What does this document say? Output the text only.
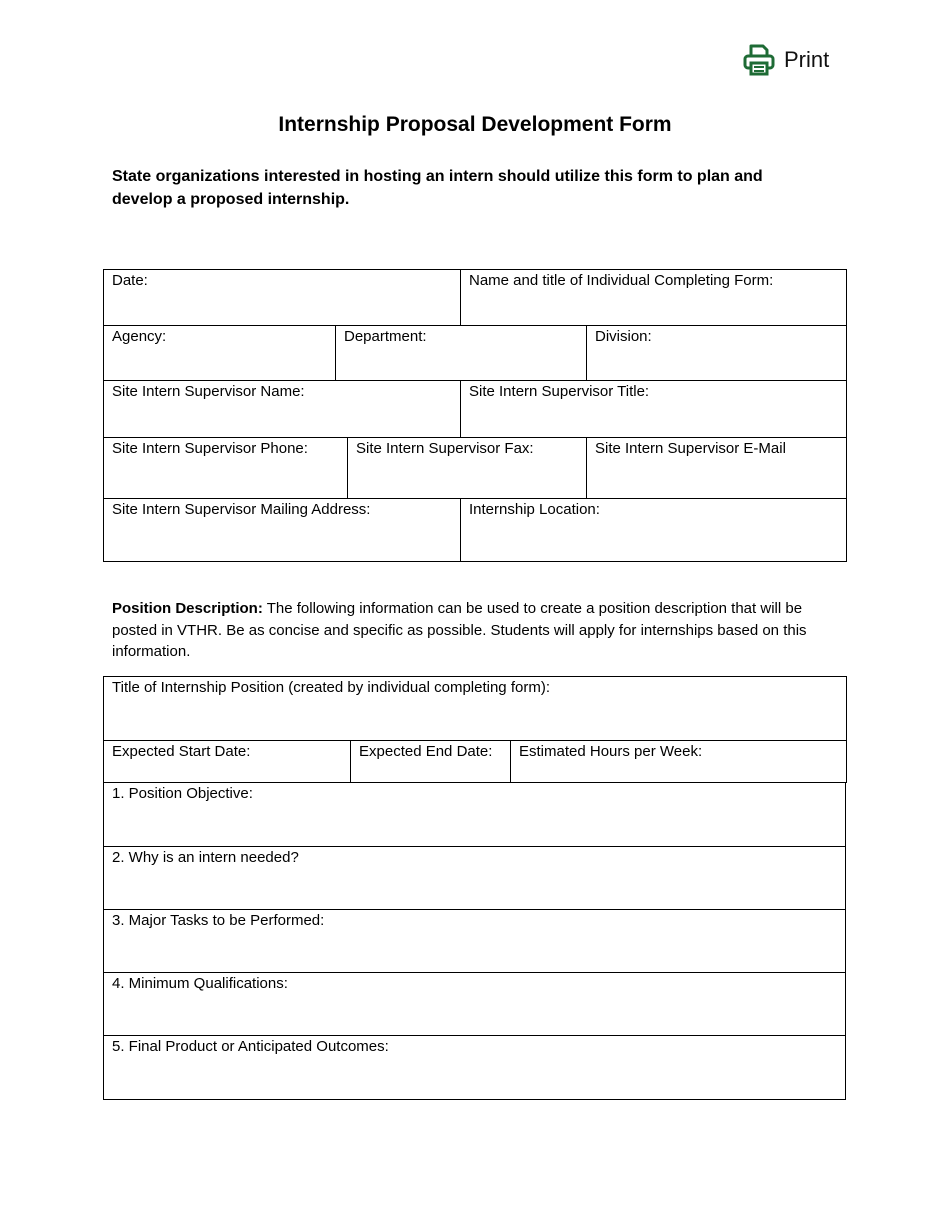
Print
Internship Proposal Development Form
State organizations interested in hosting an intern should utilize this form to plan and develop a proposed internship.
Date:	Name and title of Individual Completing Form:
Agency:	Department:	Division:
Site Intern Supervisor Name:	Site Intern Supervisor Title:
Site Intern Supervisor Phone:	Site Intern Supervisor Fax:	Site Intern Supervisor E-Mail
Site Intern Supervisor Mailing Address:	Internship Location:
Position Description: The following information can be used to create a position description that will be posted in VTHR. Be as concise and specific as possible. Students will apply for internships based on this information.
Title of Internship Position (created by individual completing form):
Expected Start Date:	Expected End Date:	Estimated Hours per Week:
1. Position Objective:
2. Why is an intern needed?
3. Major Tasks to be Performed:
4. Minimum Qualifications:
5. Final Product or Anticipated Outcomes:
